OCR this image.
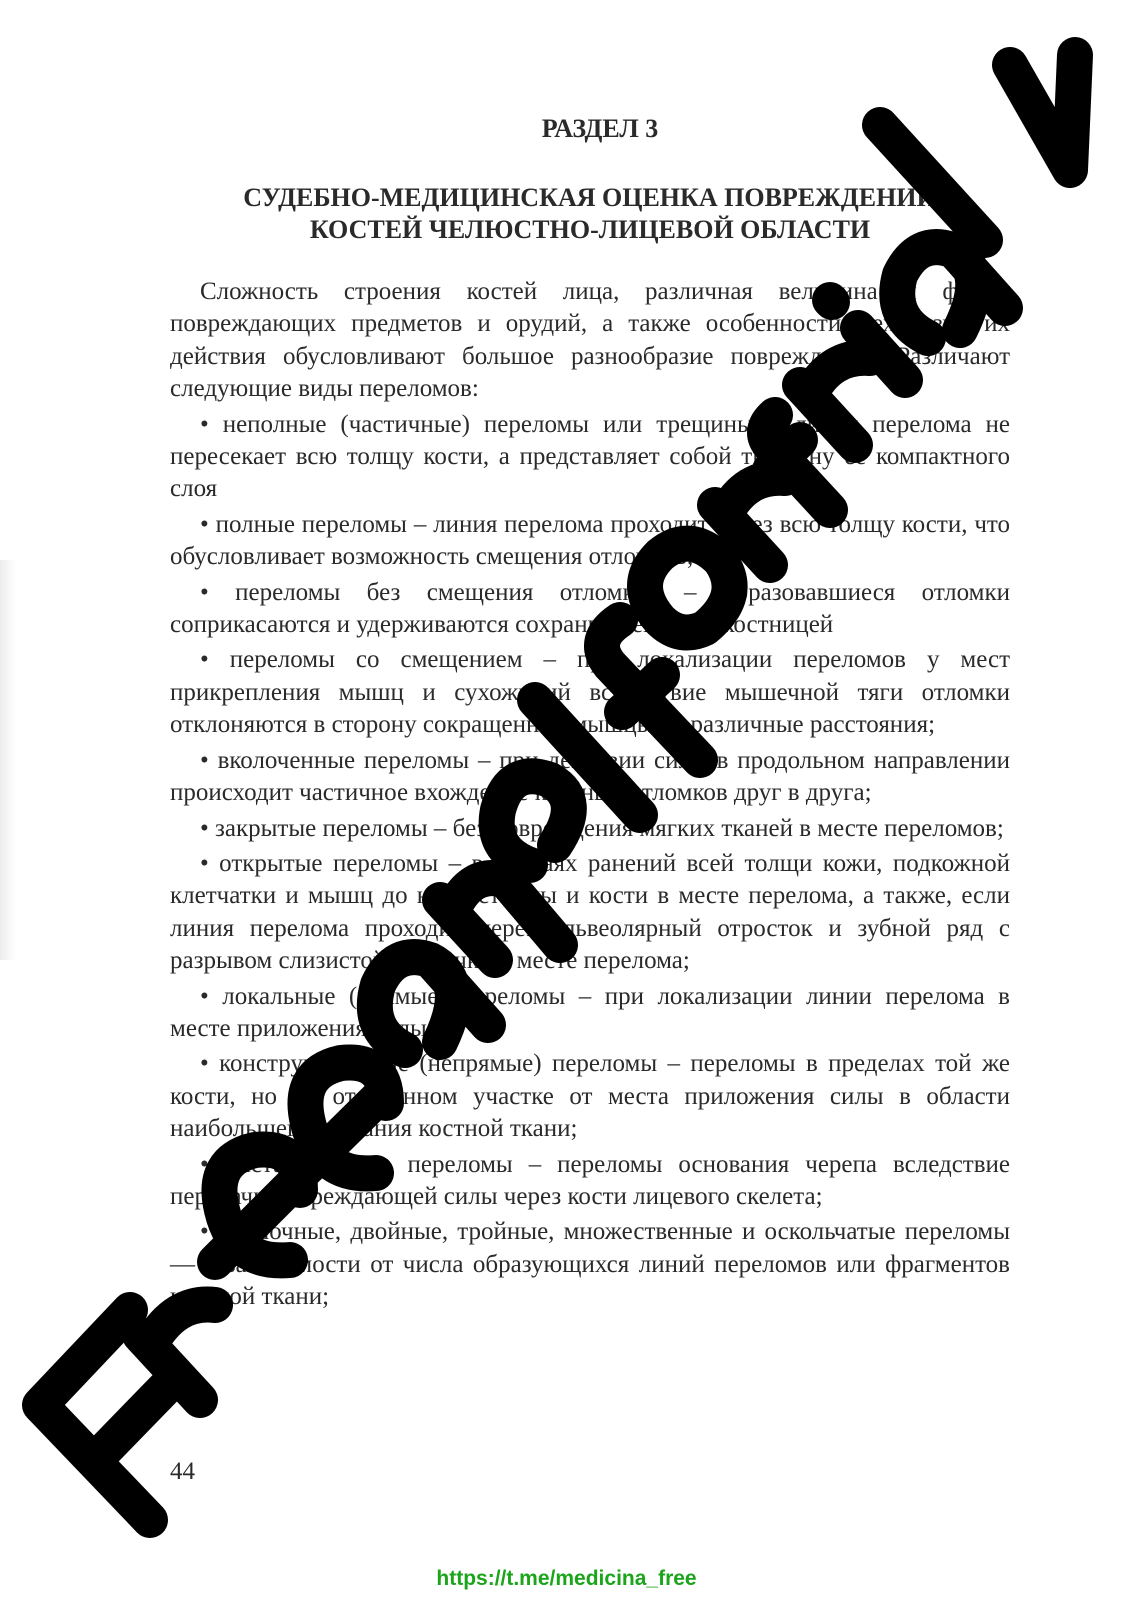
РАЗДЕЛ 3
СУДЕБНО-МЕДИЦИНСКАЯ ОЦЕНКА ПОВРЕЖДЕНИЙ
КОСТЕЙ ЧЕЛЮСТНО-ЛИЦЕВОЙ ОБЛАСТИ

Сложность строения костей лица, различная величина и форма повреждающих предметов и орудий, а также особенности механизма их действия обусловливают большое разнообразие повреждений. Различают следующие виды переломов:

• неполные (частичные) переломы или трещины – линия перелома не пересекает всю толщу кости, а представляет собой трещину ее компактного слоя

• полные переломы – линия перелома проходит через всю толщу кости, что обусловливает возможность смещения отломков;

• переломы без смещения отломков – образовавшиеся отломки соприкасаются и удерживаются сохранившейся надкостницей

• переломы со смещением – при локализации переломов у мест прикрепления мышц и сухожилий вследствие мышечной тяги отломки отклоняются в сторону сокращенной мышцы на различные расстояния;

• вколоченные переломы – при действии силы в продольном направлении происходит частичное вхождение костных отломков друг в друга;

• закрытые переломы – без повреждения мягких тканей в месте переломов;

• открытые переломы – в случаях ранений всей толщи кожи, подкожной клетчатки и мышц до надкостницы и кости в месте перелома, а также, если линия перелома проходит через альвеолярный отросток и зубной ряд с разрывом слизистой оболочки в месте перелома;

• локальные (прямые) переломы – при локализации линии перелома в месте приложения силы;

• конструкционные (непрямые) переломы – переломы в пределах той же кости, но на отдаленном участке от места приложения силы в области наибольшего сгибания костной ткани;

• дистанционные переломы – переломы основания черепа вследствие передачи повреждающей силы через кости лицевого скелета;

• одиночные, двойные, тройные, множественные и оскольчатые переломы — в зависимости от числа образующихся линий переломов или фрагментов костной ткани;

44
https://t.me/medicina_free
